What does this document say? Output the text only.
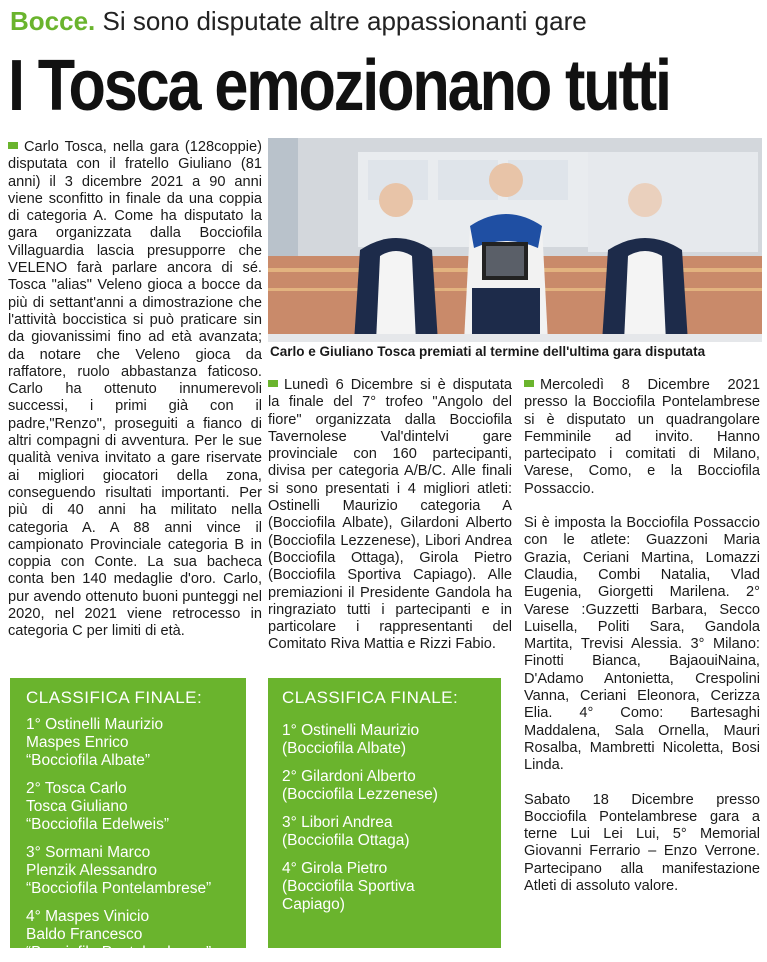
Bocce. Si sono disputate altre appassionanti gare
I Tosca emozionano tutti

Carlo Tosca, nella gara (128coppie) disputata con il fratello Giuliano (81 anni) il 3 dicembre 2021 a 90 anni viene sconfitto in finale da una coppia di categoria A. Come ha disputato la gara organizzata dalla Bocciofila Villaguardia lascia presupporre che VELENO farà parlare ancora di sé. Tosca "alias" Veleno gioca a bocce da più di settant'anni a dimostrazione che l'attività boccistica si può praticare sin da giovanissimi fino ad età avanzata; da notare che Veleno gioca da raffatore, ruolo abbastanza faticoso. Carlo ha ottenuto innumerevoli successi, i primi già con il padre,"Renzo", proseguiti a fianco di altri compagni di avventura. Per le sue qualità veniva invitato a gare riservate ai migliori giocatori della zona, conseguendo risultati importanti. Per più di 40 anni ha militato nella categoria A. A 88 anni vince il campionato Provinciale categoria B in coppia con Conte. La sua bacheca conta ben 140 medaglie d'oro. Carlo, pur avendo ottenuto buoni punteggi nel 2020, nel 2021 viene retrocesso in categoria C per limiti di età.

Carlo e Giuliano Tosca premiati al termine dell'ultima gara disputata

Lunedì 6 Dicembre si è disputata la finale del 7° trofeo "Angolo del fiore" organizzata dalla Bocciofila Tavernolese Val'dintelvi gare provinciale con 160 partecipanti, divisa per categoria A/B/C. Alle finali si sono presentati i 4 migliori atleti: Ostinelli Maurizio categoria A (Bocciofila Albate), Gilardoni Alberto (Bocciofila Lezzenese), Libori Andrea (Bocciofila Ottaga), Girola Pietro (Bocciofila Sportiva Capiago). Alle premiazioni il Presidente Gandola ha ringraziato tutti i partecipanti e in particolare i rappresentanti del Comitato Riva Mattia e Rizzi Fabio.

Mercoledì 8 Dicembre 2021 presso la Bocciofila Pontelambrese si è disputato un quadrangolare Femminile ad invito. Hanno partecipato i comitati di Milano, Varese, Como, e la Bocciofila Possaccio.

Si è imposta la Bocciofila Possaccio con le atlete: Guazzoni Maria Grazia, Ceriani Martina, Lomazzi Claudia, Combi Natalia, Vlad Eugenia, Giorgetti Marilena. 2° Varese :Guzzetti Barbara, Secco Luisella, Politi Sara, Gandola Martita, Trevisi Alessia. 3° Milano: Finotti Bianca, BajaouiNaina, D'Adamo Antonietta, Crespolini Vanna, Ceriani Eleonora, Cerizza Elia. 4° Como: Bartesaghi Maddalena, Sala Ornella, Mauri Rosalba, Mambretti Nicoletta, Bosi Linda.

Sabato 18 Dicembre presso Bocciofila Pontelambrese gara a terne Lui Lei Lui, 5° Memorial Giovanni Ferrario – Enzo Verrone. Partecipano alla manifestazione Atleti di assoluto valore.

CLASSIFICA FINALE:
1° Ostinelli Maurizio
Maspes Enrico
“Bocciofila Albate”
2° Tosca Carlo
Tosca Giuliano
“Bocciofila Edelweis”
3° Sormani Marco
Plenzik Alessandro
“Bocciofila Pontelambrese”
4° Maspes Vinicio
Baldo Francesco
“Bocciofila Pontelambrese”
CLASSIFICA FINALE:
1° Ostinelli Maurizio
(Bocciofila Albate)
2° Gilardoni Alberto
(Bocciofila Lezzenese)
3° Libori Andrea
(Bocciofila Ottaga)
4° Girola Pietro
(Bocciofila Sportiva
Capiago)
